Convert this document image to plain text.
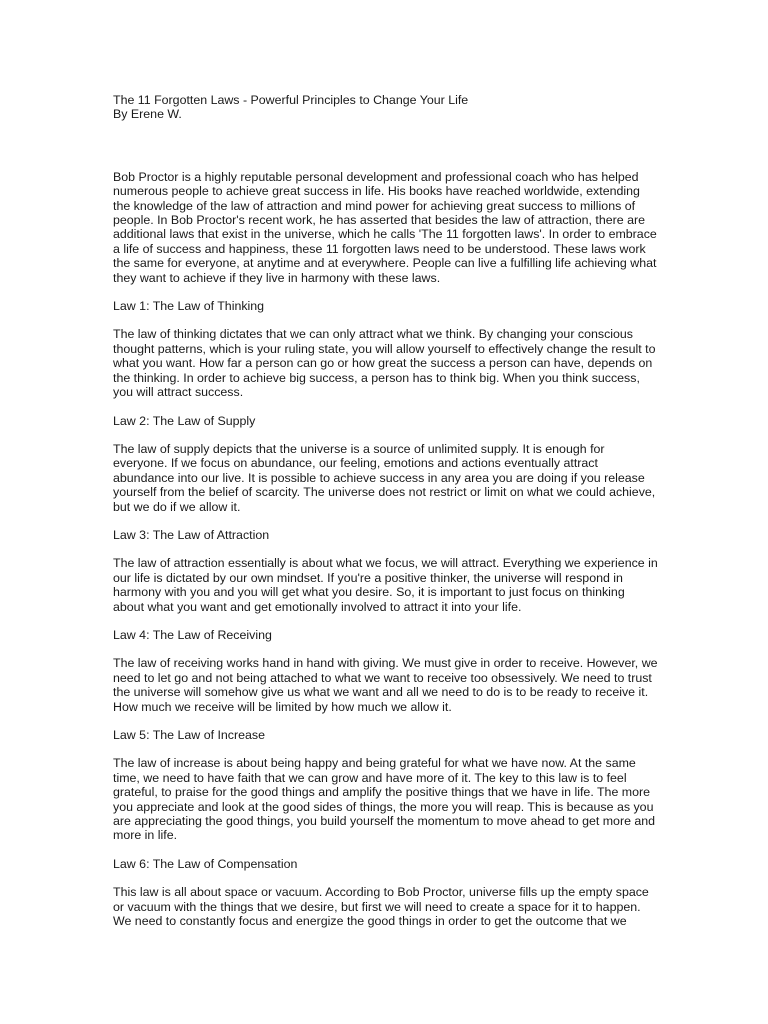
The 11 Forgotten Laws - Powerful Principles to Change Your Life

By Erene W.

Bob Proctor is a highly reputable personal development and professional coach who has helped numerous people to achieve great success in life. His books have reached worldwide, extending the knowledge of the law of attraction and mind power for achieving great success to millions of people. In Bob Proctor's recent work, he has asserted that besides the law of attraction, there are additional laws that exist in the universe, which he calls 'The 11 forgotten laws'. In order to embrace a life of success and happiness, these 11 forgotten laws need to be understood. These laws work the same for everyone, at anytime and at everywhere. People can live a fulfilling life achieving what they want to achieve if they live in harmony with these laws.

Law 1: The Law of Thinking

The law of thinking dictates that we can only attract what we think. By changing your conscious thought patterns, which is your ruling state, you will allow yourself to effectively change the result to what you want. How far a person can go or how great the success a person can have, depends on the thinking. In order to achieve big success, a person has to think big. When you think success, you will attract success.

Law 2: The Law of Supply

The law of supply depicts that the universe is a source of unlimited supply. It is enough for everyone. If we focus on abundance, our feeling, emotions and actions eventually attract abundance into our live. It is possible to achieve success in any area you are doing if you release yourself from the belief of scarcity. The universe does not restrict or limit on what we could achieve, but we do if we allow it.

Law 3: The Law of Attraction

The law of attraction essentially is about what we focus, we will attract. Everything we experience in our life is dictated by our own mindset. If you're a positive thinker, the universe will respond in harmony with you and you will get what you desire. So, it is important to just focus on thinking about what you want and get emotionally involved to attract it into your life.

Law 4: The Law of Receiving

The law of receiving works hand in hand with giving. We must give in order to receive. However, we need to let go and not being attached to what we want to receive too obsessively. We need to trust the universe will somehow give us what we want and all we need to do is to be ready to receive it. How much we receive will be limited by how much we allow it.

Law 5: The Law of Increase

The law of increase is about being happy and being grateful for what we have now. At the same time, we need to have faith that we can grow and have more of it. The key to this law is to feel grateful, to praise for the good things and amplify the positive things that we have in life. The more you appreciate and look at the good sides of things, the more you will reap. This is because as you are appreciating the good things, you build yourself the momentum to move ahead to get more and more in life.

Law 6: The Law of Compensation

This law is all about space or vacuum. According to Bob Proctor, universe fills up the empty space or vacuum with the things that we desire, but first we will need to create a space for it to happen. We need to constantly focus and energize the good things in order to get the outcome that we
